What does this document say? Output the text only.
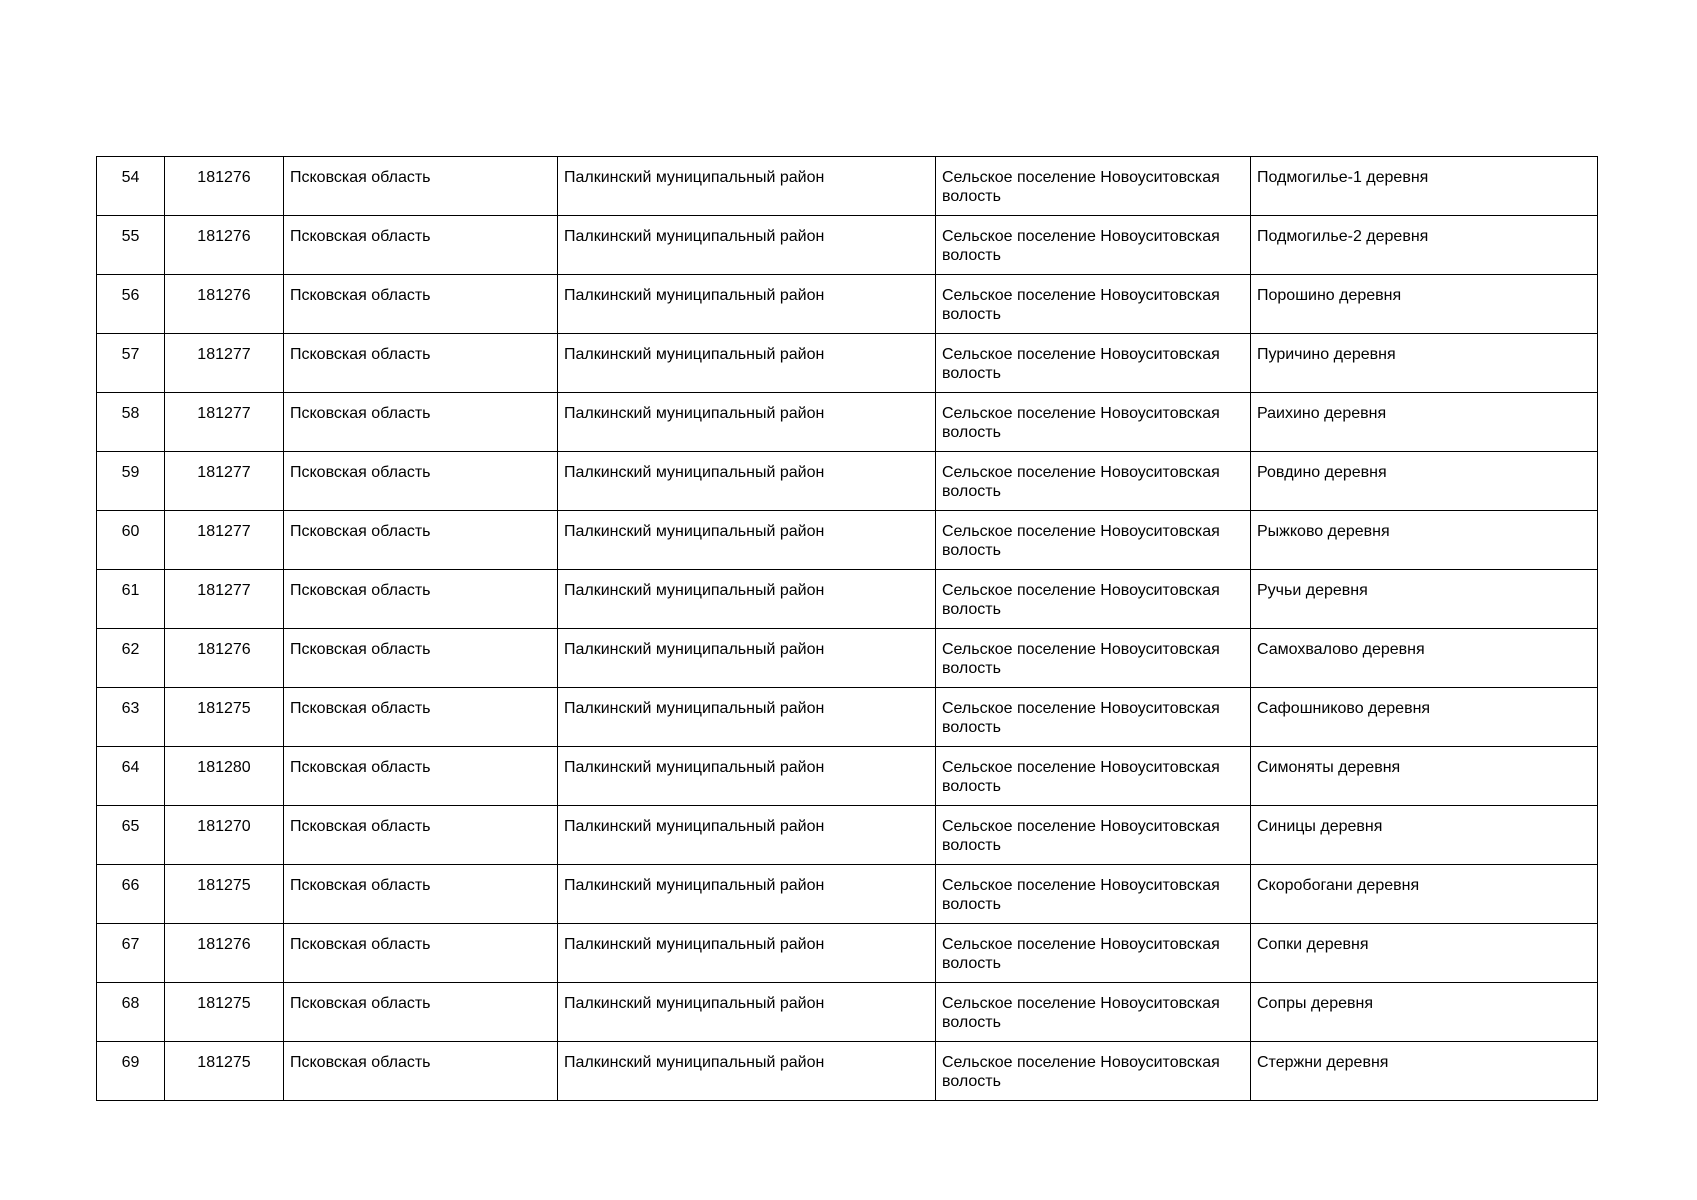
54	181276	Псковская область	Палкинский муниципальный район	Сельское поселение Новоуситовская волость	Подмогилье-1 деревня
55	181276	Псковская область	Палкинский муниципальный район	Сельское поселение Новоуситовская волость	Подмогилье-2 деревня
56	181276	Псковская область	Палкинский муниципальный район	Сельское поселение Новоуситовская волость	Порошино деревня
57	181277	Псковская область	Палкинский муниципальный район	Сельское поселение Новоуситовская волость	Пуричино деревня
58	181277	Псковская область	Палкинский муниципальный район	Сельское поселение Новоуситовская волость	Раихино деревня
59	181277	Псковская область	Палкинский муниципальный район	Сельское поселение Новоуситовская волость	Ровдино деревня
60	181277	Псковская область	Палкинский муниципальный район	Сельское поселение Новоуситовская волость	Рыжково деревня
61	181277	Псковская область	Палкинский муниципальный район	Сельское поселение Новоуситовская волость	Ручьи деревня
62	181276	Псковская область	Палкинский муниципальный район	Сельское поселение Новоуситовская волость	Самохвалово деревня
63	181275	Псковская область	Палкинский муниципальный район	Сельское поселение Новоуситовская волость	Сафошниково деревня
64	181280	Псковская область	Палкинский муниципальный район	Сельское поселение Новоуситовская волость	Симоняты деревня
65	181270	Псковская область	Палкинский муниципальный район	Сельское поселение Новоуситовская волость	Синицы деревня
66	181275	Псковская область	Палкинский муниципальный район	Сельское поселение Новоуситовская волость	Скоробогани деревня
67	181276	Псковская область	Палкинский муниципальный район	Сельское поселение Новоуситовская волость	Сопки деревня
68	181275	Псковская область	Палкинский муниципальный район	Сельское поселение Новоуситовская волость	Сопры деревня
69	181275	Псковская область	Палкинский муниципальный район	Сельское поселение Новоуситовская волость	Стержни деревня
